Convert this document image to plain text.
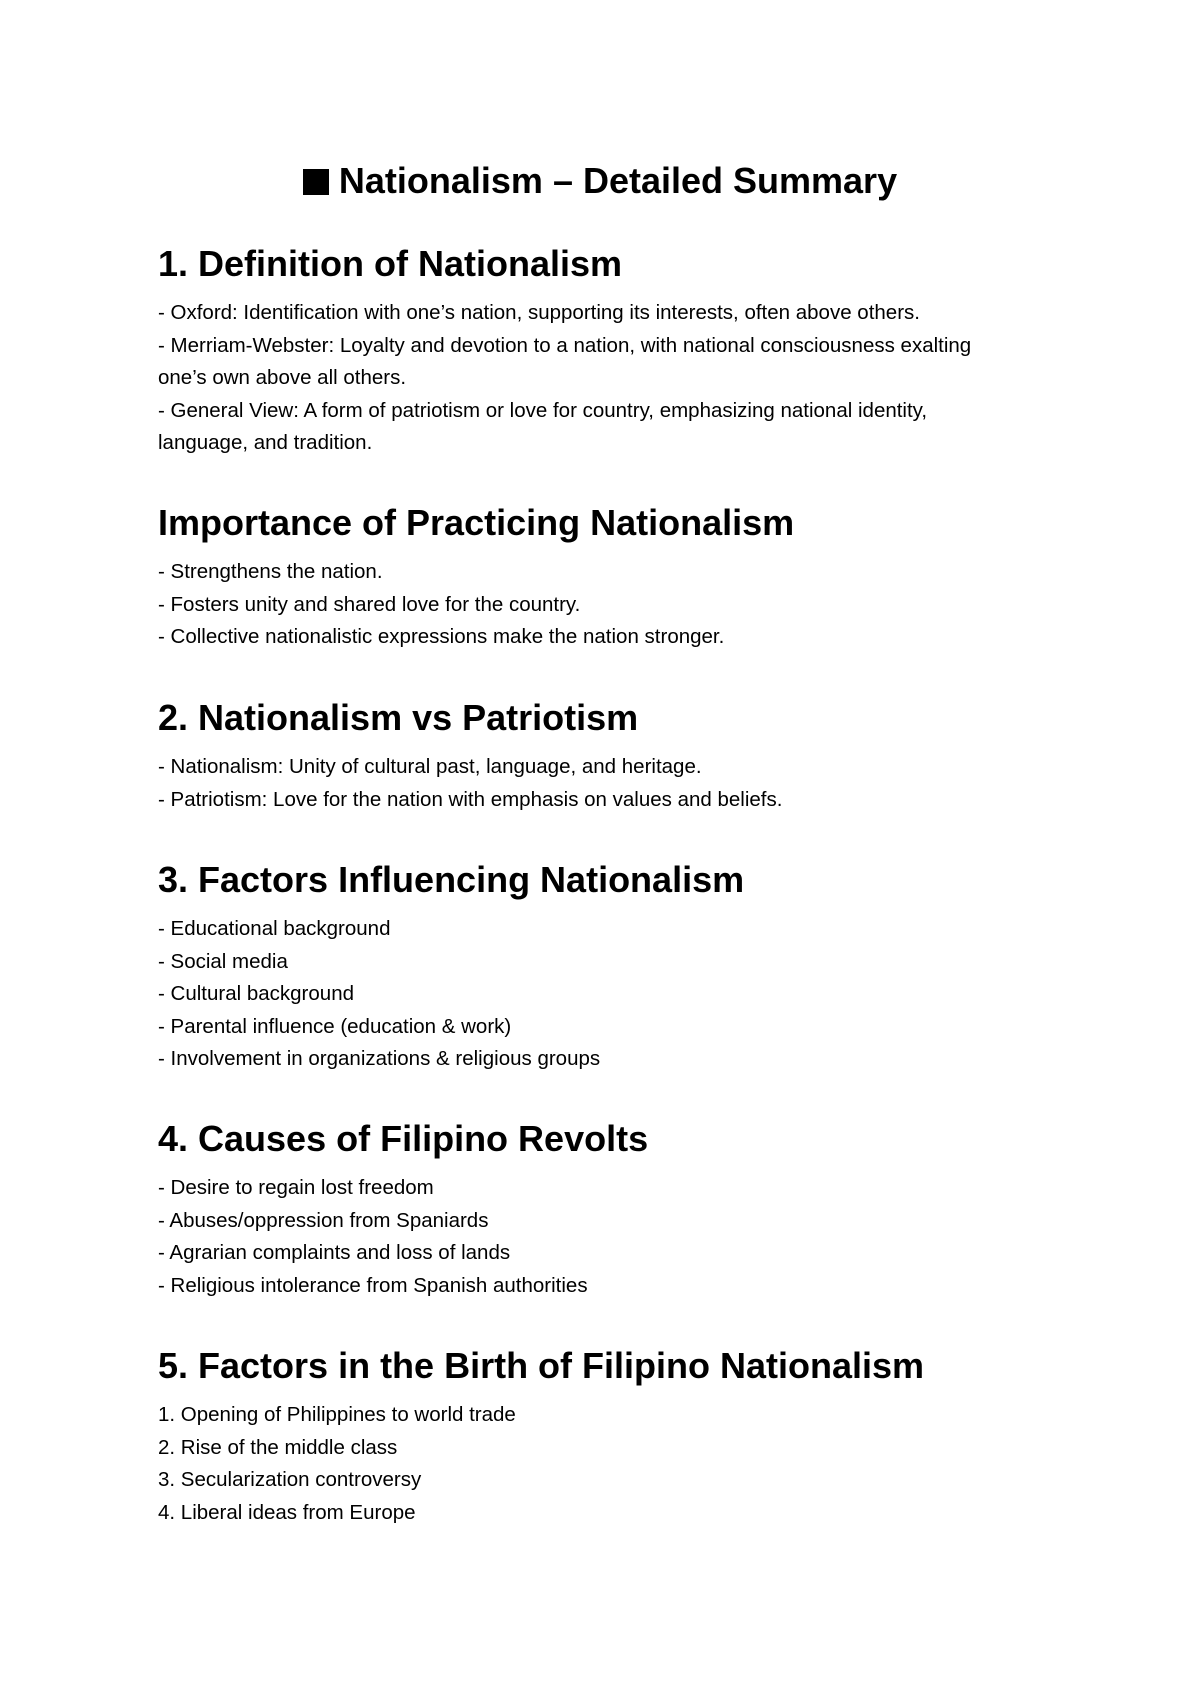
Nationalism – Detailed Summary
1. Definition of Nationalism
- Oxford: Identification with one’s nation, supporting its interests, often above others.
- Merriam-Webster: Loyalty and devotion to a nation, with national consciousness exalting
one’s own above all others.
- General View: A form of patriotism or love for country, emphasizing national identity,
language, and tradition.
Importance of Practicing Nationalism
- Strengthens the nation.
- Fosters unity and shared love for the country.
- Collective nationalistic expressions make the nation stronger.
2. Nationalism vs Patriotism
- Nationalism: Unity of cultural past, language, and heritage.
- Patriotism: Love for the nation with emphasis on values and beliefs.
3. Factors Influencing Nationalism
- Educational background
- Social media
- Cultural background
- Parental influence (education & work)
- Involvement in organizations & religious groups
4. Causes of Filipino Revolts
- Desire to regain lost freedom
- Abuses/oppression from Spaniards
- Agrarian complaints and loss of lands
- Religious intolerance from Spanish authorities
5. Factors in the Birth of Filipino Nationalism
1. Opening of Philippines to world trade
2. Rise of the middle class
3. Secularization controversy
4. Liberal ideas from Europe
